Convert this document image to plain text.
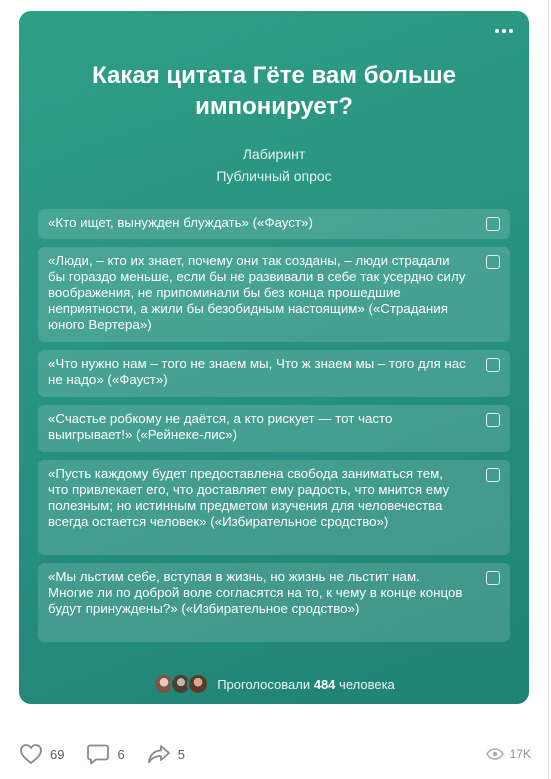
Какая цитата Гёте вам больше импонирует?
Лабиринт
Публичный опрос
«Кто ищет, вынужден блуждать» («Фауст»)
«Люди, – кто их знает, почему они так созданы, – люди страдали бы гораздо меньше, если бы не развивали в себе так усердно силу воображения, не припоминали бы без конца прошедшие неприятности, а жили бы безобидным настоящим» («Страдания юного Вертера»)
«Что нужно нам – того не знаем мы, Что ж знаем мы – того для нас не надо» («Фауст»)
«Счастье робкому не даётся, а кто рискует — тот часто выигрывает!» («Рейнеке-лис»)
«Пусть каждому будет предоставлена свобода заниматься тем, что привлекает его, что доставляет ему радость, что мнится ему полезным; но истинным предметом изучения для человечества всегда остается человек» («Избирательное сродство»)
«Мы льстим себе, вступая в жизнь, но жизнь не льстит нам. Многие ли по доброй воле согласятся на то, к чему в конце концов будут принуждены?» («Избирательное сродство»)
Проголосовали 484 человека
69	6	5	17K
